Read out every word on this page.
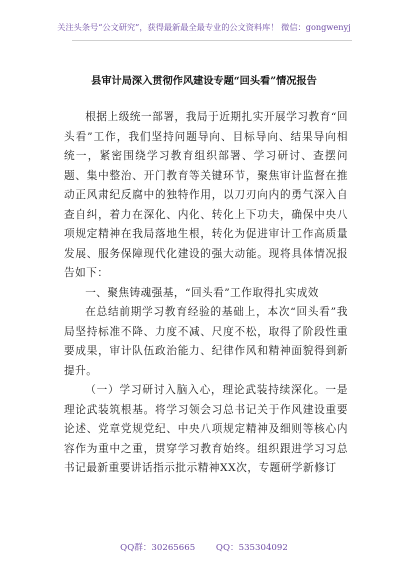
关注头条号“公文研究”，获得最新最全最专业的公文资料库！ 微信：gongwenyj
县审计局深入贯彻作风建设专题“回头看”情况报告

根据上级统一部署，我局于近期扎实开展学习教育“回头看”工作，我们坚持问题导向、目标导向、结果导向相统一，紧密围绕学习教育组织部署、学习研讨、查摆问题、集中整治、开门教育等关键环节，聚焦审计监督在推动正风肃纪反腐中的独特作用，以刀刃向内的勇气深入自查自纠，着力在深化、内化、转化上下功夫，确保中央八项规定精神在我局落地生根，转化为促进审计工作高质量发展、服务保障现代化建设的强大动能。现将具体情况报告如下：

一、聚焦铸魂强基，“回头看”工作取得扎实成效

在总结前期学习教育经验的基础上，本次“回头看”我局坚持标准不降、力度不减、尺度不松，取得了阶段性重要成果，审计队伍政治能力、纪律作风和精神面貌得到新提升。

（一）学习研讨入脑入心，理论武装持续深化。一是理论武装筑根基。将学习领会习总书记关于作风建设重要论述、党章党规党纪、中央八项规定精神及细则等核心内容作为重中之重，贯穿学习教育始终。组织跟进学习习总书记最新重要讲话指示批示精神XX次，专题研学新修订

QQ群：30265665 QQ：535304092
